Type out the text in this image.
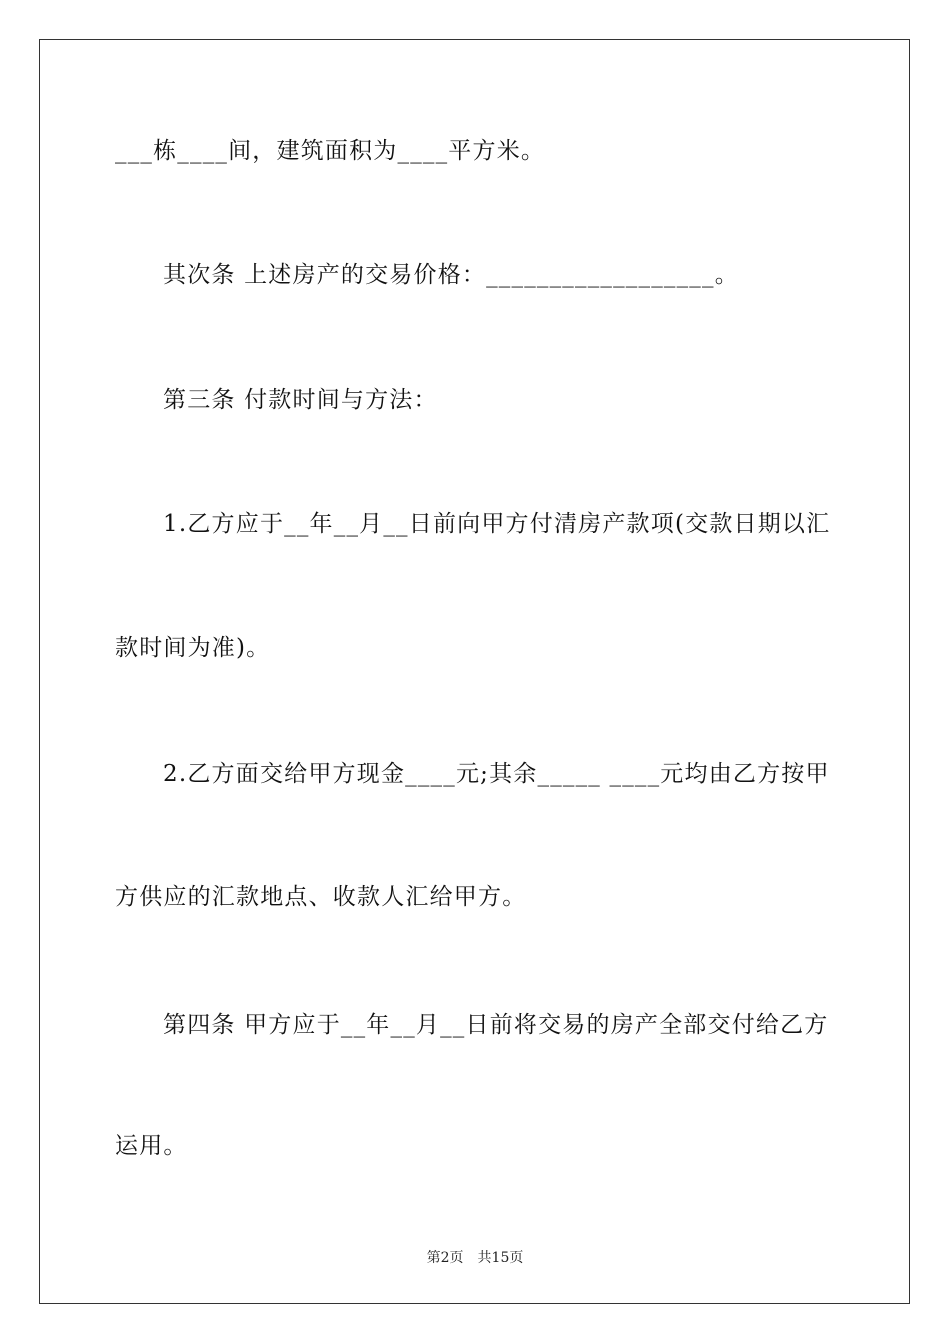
___栋____间，建筑面积为____平方米。
其次条 上述房产的交易价格：__________________。
第三条 付款时间与方法：
1.乙方应于__年__月__日前向甲方付清房产款项(交款日期以汇
款时间为准)。
2.乙方面交给甲方现金____元;其余_____ ____元均由乙方按甲
方供应的汇款地点、收款人汇给甲方。
第四条 甲方应于__年__月__日前将交易的房产全部交付给乙方
运用。
第2页　共15页
